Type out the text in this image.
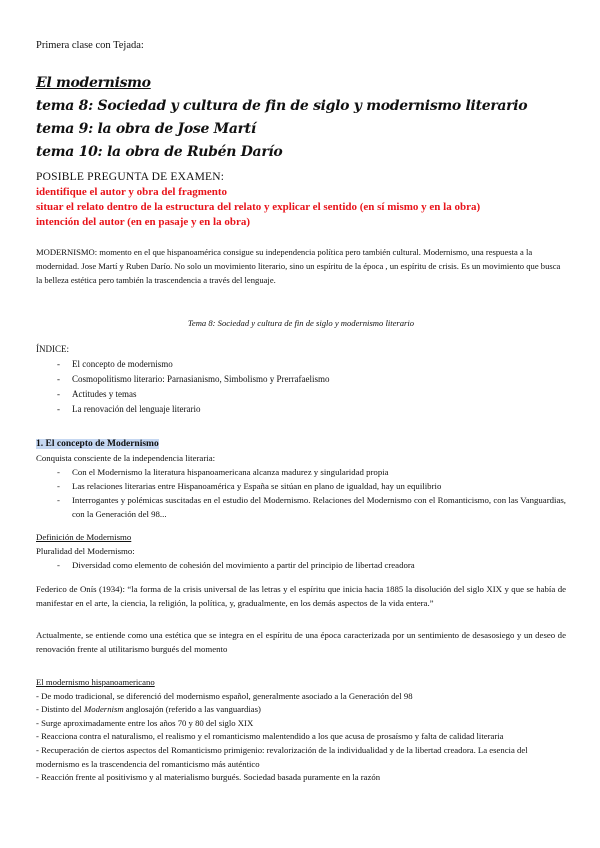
Primera clase con Tejada:
El modernismo
tema 8: Sociedad y cultura de fin de siglo y modernismo literario
tema 9: la obra de Jose Martí
tema 10: la obra de Rubén Darío
POSIBLE PREGUNTA DE EXAMEN:
identifique el autor y obra del fragmento
situar el relato dentro de la estructura del relato y explicar el sentido (en sí mismo y en la obra)
intención del autor (en en pasaje y en la obra)
MODERNISMO: momento en el que hispanoamérica consigue su independencia política pero también cultural. Modernismo, una respuesta a la modernidad. Jose Martí y Ruben Darío. No solo un movimiento literario, sino un espíritu de la época , un espíritu de crisis. Es un movimiento que busca la belleza estética pero también la trascendencia a través del lenguaje.
Tema 8: Sociedad y cultura de fin de siglo y modernismo literario
ÍNDICE:
- El concepto de modernismo
- Cosmopolitismo literario: Parnasianismo, Simbolismo y Prerrafaelismo
- Actitudes y temas
- La renovación del lenguaje literario
1. El concepto de Modernismo
Conquista consciente de la independencia literaria:
- Con el Modernismo la literatura hispanoamericana alcanza madurez y singularidad propia
- Las relaciones literarias entre Hispanoamérica y España se sitúan en plano de igualdad, hay un equilibrio
- Interrogantes y polémicas suscitadas en el estudio del Modernismo. Relaciones del Modernismo con el Romanticismo, con las Vanguardias, con la Generación del 98...
Definición de Modernismo
Pluralidad del Modernismo:
- Diversidad como elemento de cohesión del movimiento a partir del principio de libertad creadora
Federico de Onís (1934): “la forma de la crisis universal de las letras y el espíritu que inicia hacia 1885 la disolución del siglo XIX y que se había de manifestar en el arte, la ciencia, la religión, la política, y, gradualmente, en los demás aspectos de la vida entera.”
Actualmente, se entiende como una estética que se integra en el espíritu de una época caracterizada por un sentimiento de desasosiego y un deseo de renovación frente al utilitarismo burgués del momento
El modernismo hispanoamericano
- De modo tradicional, se diferenció del modernismo español, generalmente asociado a la Generación del 98
- Distinto del Modernism anglosajón (referido a las vanguardias)
- Surge aproximadamente entre los años 70 y 80 del siglo XIX
- Reacciona contra el naturalismo, el realismo y el romanticismo malentendido a los que acusa de prosaísmo y falta de calidad literaria
- Recuperación de ciertos aspectos del Romanticismo primigenio: revalorización de la individualidad y de la libertad creadora. La esencia del modernismo es la trascendencia del romanticismo más auténtico
- Reacción frente al positivismo y al materialismo burgués. Sociedad basada puramente en la razón
